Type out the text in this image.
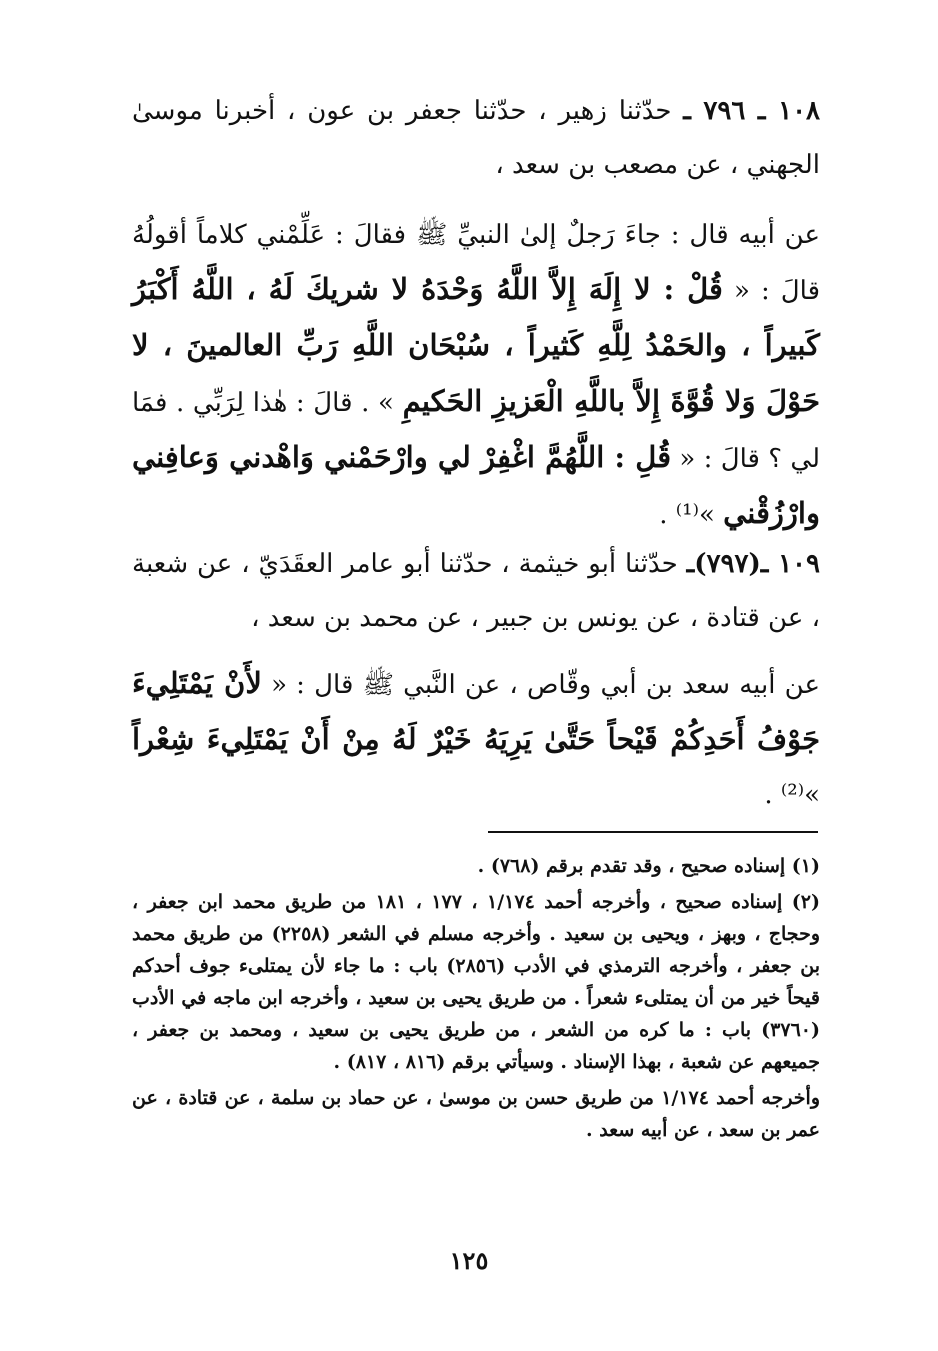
١٠٨ ـ ٧٩٦ ـ حدّثنا زهير ، حدّثنا جعفر بن عون ، أخبرنا موسىٰ الجهني ، عن مصعب بن سعد ،
عن أبيه قال : جاءَ رَجلٌ إلىٰ النبيِّ ﷺ فقالَ : عَلِّمْني كلاماً أقولُهُ قالَ : « قُلْ : لا إِلَهَ إِلاَّ اللَّهُ وَحْدَهُ لا شريكَ لَهُ ، اللَّهُ أَكْبَرُ كَبيراً ، والحَمْدُ لِلَّهِ كَثيراً ، سُبْحَان اللَّهِ رَبِّ العالمينَ ، لا حَوْلَ وَلا قُوَّةَ إِلاَّ باللَّهِ الْعَزيزِ الحَكيمِ » . قالَ : هٰذا لِرَبِّي . فمَا لي ؟ قالَ : « قُلِ : اللَّهُمَّ اغْفِرْ لي وارْحَمْني وَاهْدني وَعافِني وارْزُقْني »⁽¹⁾ .
١٠٩ ـ(٧٩٧)ـ حدّثنا أبو خيثمة ، حدّثنا أبو عامر العقَدَيّ ، عن شعبة ، عن قتادة ، عن يونس بن جبير ، عن محمد بن سعد ،
عن أبيه سعد بن أبي وقّاص ، عن النَّبي ﷺ قال : « لأَنْ يَمْتَلِيءَ جَوْفُ أَحَدِكُمْ قَيْحاً حَتَّىٰ يَرِيَهُ خَيْرٌ لَهُ مِنْ أَنْ يَمْتَلِيءَ شِعْراً »⁽²⁾ .
(١) إسناده صحيح ، وقد تقدم برقم (٧٦٨) .
(٢) إسناده صحيح ، وأخرجه أحمد ١/١٧٤ ، ١٧٧ ، ١٨١ من طريق محمد ابن جعفر ، وحجاج ، وبهز ، ويحيى بن سعيد . وأخرجه مسلم في الشعر (٢٢٥٨) من طريق محمد بن جعفر ، وأخرجه الترمذي في الأدب (٢٨٥٦) باب : ما جاء لأن يمتلىء جوف أحدكم قيحاً خير من أن يمتلىء شعراً . من طريق يحيى بن سعيد ، وأخرجه ابن ماجه في الأدب (٣٧٦٠) باب : ما كره من الشعر ، من طريق يحيى بن سعيد ، ومحمد بن جعفر ، جميعهم عن شعبة ، بهذا الإسناد . وسيأتي برقم (٨١٦ ، ٨١٧) .
وأخرجه أحمد ١/١٧٤ من طريق حسن بن موسىٰ ، عن حماد بن سلمة ، عن قتادة ، عن عمر بن سعد ، عن أبيه سعد .
١٢٥
